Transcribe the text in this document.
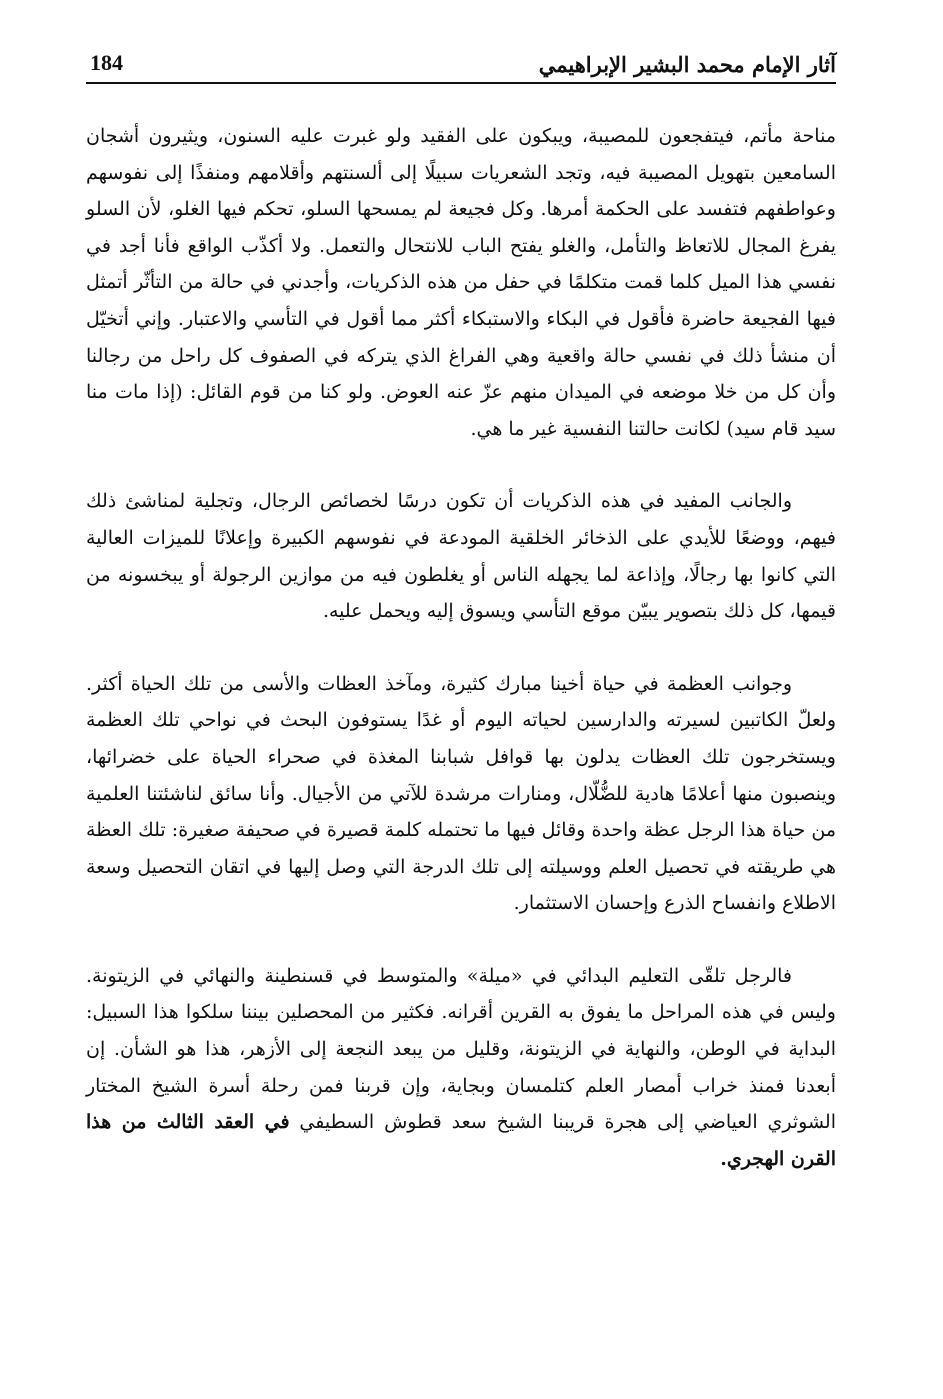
آثار الإمام محمد البشير الإبراهيمي
184

مناحة مأتم، فيتفجعون للمصيبة، ويبكون على الفقيد ولو غبرت عليه السنون، ويثيرون أشجان السامعين بتهويل المصيبة فيه، وتجد الشعريات سبيلًا إلى ألسنتهم وأقلامهم ومنفذًا إلى نفوسهم وعواطفهم فتفسد على الحكمة أمرها. وكل فجيعة لم يمسحها السلو، تحكم فيها الغلو، لأن السلو يفرغ المجال للاتعاظ والتأمل، والغلو يفتح الباب للانتحال والتعمل. ولا أكذّب الواقع فأنا أجد في نفسي هذا الميل كلما قمت متكلمًا في حفل من هذه الذكريات، وأجدني في حالة من التأثّر أتمثل فيها الفجيعة حاضرة فأقول في البكاء والاستبكاء أكثر مما أقول في التأسي والاعتبار. وإني أتخيّل أن منشأ ذلك في نفسي حالة واقعية وهي الفراغ الذي يتركه في الصفوف كل راحل من رجالنا وأن كل من خلا موضعه في الميدان منهم عزّ عنه العوض. ولو كنا من قوم القائل: (إذا مات منا سيد قام سيد) لكانت حالتنا النفسية غير ما هي.

والجانب المفيد في هذه الذكريات أن تكون درسًا لخصائص الرجال، وتجلية لمناشئ ذلك فيهم، ووضعًا للأيدي على الذخائر الخلقية المودعة في نفوسهم الكبيرة وإعلانًا للميزات العالية التي كانوا بها رجالًا، وإذاعة لما يجهله الناس أو يغلطون فيه من موازين الرجولة أو يبخسونه من قيمها، كل ذلك بتصوير يبيّن موقع التأسي ويسوق إليه ويحمل عليه.

وجوانب العظمة في حياة أخينا مبارك كثيرة، ومآخذ العظات والأسى من تلك الحياة أكثر. ولعلّ الكاتبين لسيرته والدارسين لحياته اليوم أو غدًا يستوفون البحث في نواحي تلك العظمة ويستخرجون تلك العظات يدلون بها قوافل شبابنا المغذة في صحراء الحياة على خضرائها، وينصبون منها أعلامًا هادية للضُّلّال، ومنارات مرشدة للآتي من الأجيال. وأنا سائق لناشئتنا العلمية من حياة هذا الرجل عظة واحدة وقائل فيها ما تحتمله كلمة قصيرة في صحيفة صغيرة: تلك العظة هي طريقته في تحصيل العلم ووسيلته إلى تلك الدرجة التي وصل إليها في اتقان التحصيل وسعة الاطلاع وانفساح الذرع وإحسان الاستثمار.

فالرجل تلقّى التعليم البدائي في «ميلة» والمتوسط في قسنطينة والنهائي في الزيتونة. وليس في هذه المراحل ما يفوق به القرين أقرانه. فكثير من المحصلين بيننا سلكوا هذا السبيل: البداية في الوطن، والنهاية في الزيتونة، وقليل من يبعد النجعة إلى الأزهر، هذا هو الشأن. إن أبعدنا فمنذ خراب أمصار العلم كتلمسان وبجاية، وإن قربنا فمن رحلة أسرة الشيخ المختار الشوثري العياضي إلى هجرة قريبنا الشيخ سعد قطوش السطيفي في العقد الثالث من هذا القرن الهجري.
